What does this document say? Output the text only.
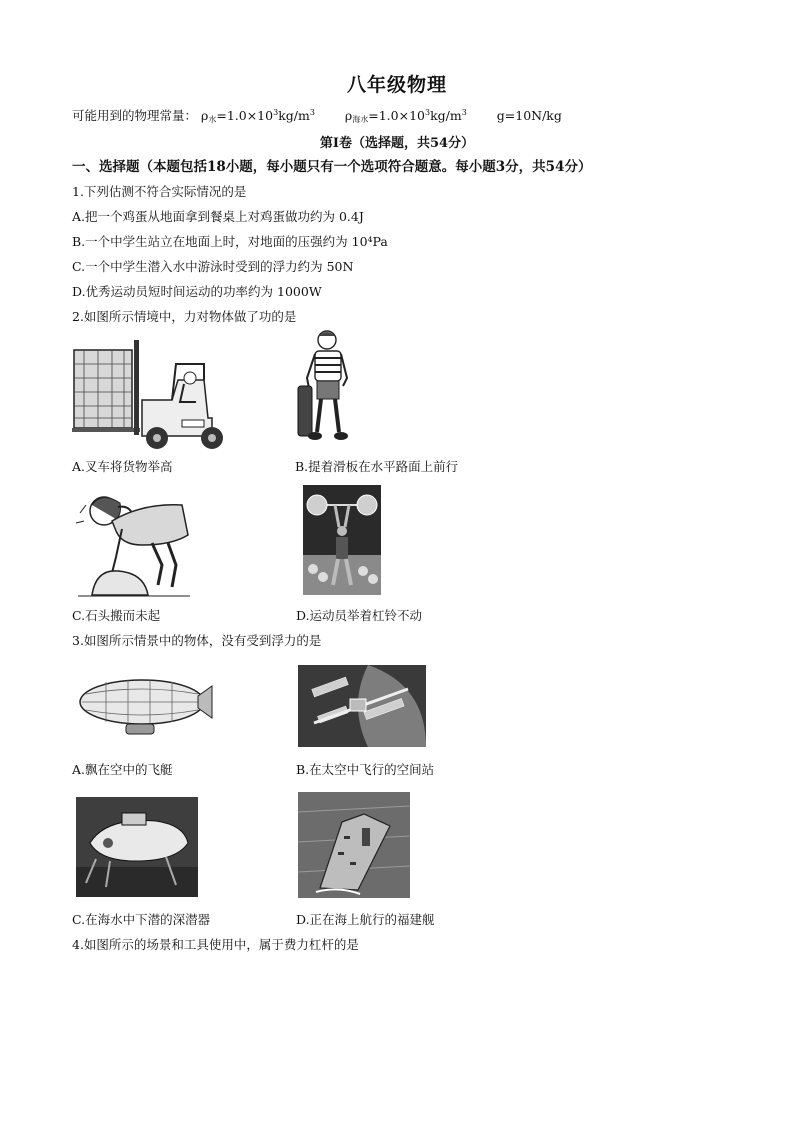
八年级物理
可能用到的物理常量： $\rho_水=1.0\times 10^3kg/m^3$ $\rho_{海水}=1.0\times 10^3kg/m^3$ g=10N/kg
第Ⅰ卷（选择题，共54分）
一、选择题（本题包括18小题，每小题只有一个选项符合题意。每小题3分，共54分）
1.下列估测不符合实际情况的是
A.把一个鸡蛋从地面拿到餐桌上对鸡蛋做功约为 0.4J
B.一个中学生站立在地面上时，对地面的压强约为 10⁴Pa
C.一个中学生潜入水中游泳时受到的浮力约为 50N
D.优秀运动员短时间运动的功率约为 1000W
2.如图所示情境中，力对物体做了功的是
A.叉车将货物举高	B.提着滑板在水平路面上前行
C.石头搬而未起	D.运动员举着杠铃不动
3.如图所示情景中的物体，没有受到浮力的是
A.飘在空中的飞艇	B.在太空中飞行的空间站
C.在海水中下潜的深潜器	D.正在海上航行的福建舰
4.如图所示的场景和工具使用中，属于费力杠杆的是
